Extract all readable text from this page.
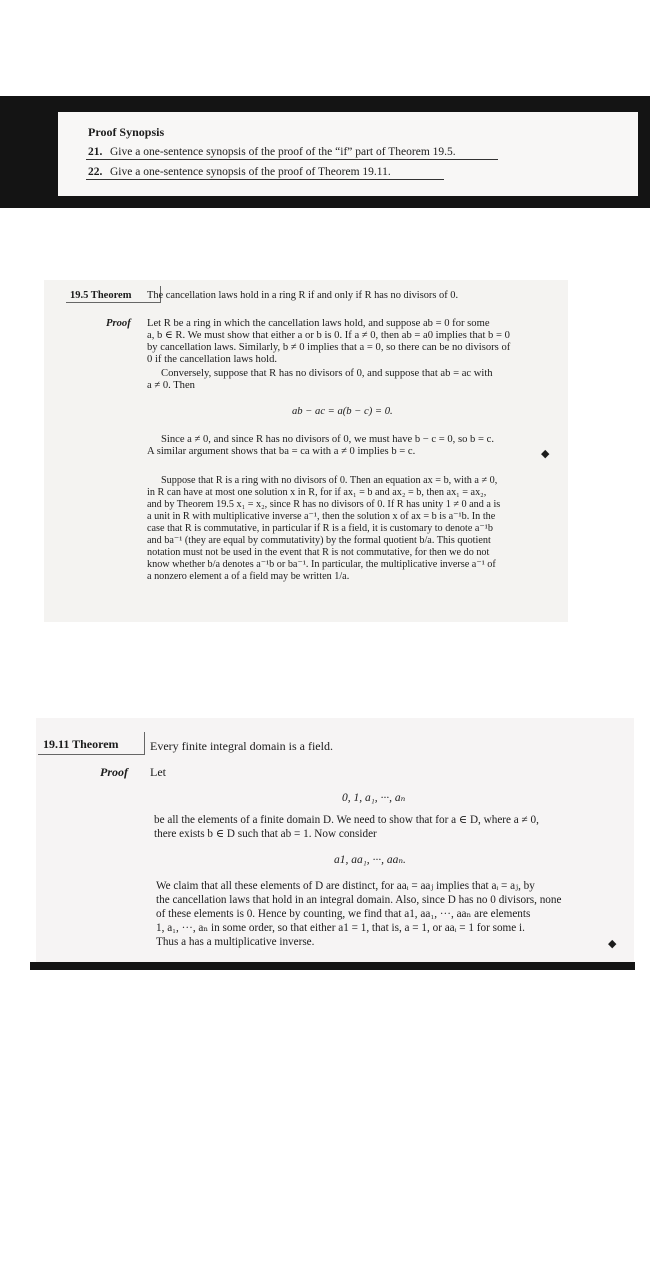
Proof Synopsis
21. Give a one-sentence synopsis of the proof of the “if” part of Theorem 19.5.
22. Give a one-sentence synopsis of the proof of Theorem 19.11.
19.5 Theorem The cancellation laws hold in a ring R if and only if R has no divisors of 0.
Proof Let R be a ring in which the cancellation laws hold, and suppose ab = 0 for some
a, b ∈ R. We must show that either a or b is 0. If a ≠ 0, then ab = a0 implies that b = 0
by cancellation laws. Similarly, b ≠ 0 implies that a = 0, so there can be no divisors of
0 if the cancellation laws hold.
Conversely, suppose that R has no divisors of 0, and suppose that ab = ac with
a ≠ 0. Then
ab − ac = a(b − c) = 0.
Since a ≠ 0, and since R has no divisors of 0, we must have b − c = 0, so b = c.
A similar argument shows that ba = ca with a ≠ 0 implies b = c.	◆
Suppose that R is a ring with no divisors of 0. Then an equation ax = b, with a ≠ 0,
in R can have at most one solution x in R, for if ax₁ = b and ax₂ = b, then ax₁ = ax₂,
and by Theorem 19.5 x₁ = x₂, since R has no divisors of 0. If R has unity 1 ≠ 0 and a is
a unit in R with multiplicative inverse a⁻¹, then the solution x of ax = b is a⁻¹b. In the
case that R is commutative, in particular if R is a field, it is customary to denote a⁻¹b
and ba⁻¹ (they are equal by commutativity) by the formal quotient b/a. This quotient
notation must not be used in the event that R is not commutative, for then we do not
know whether b/a denotes a⁻¹b or ba⁻¹. In particular, the multiplicative inverse a⁻¹ of
a nonzero element a of a field may be written 1/a.
19.11 Theorem	Every finite integral domain is a field.
Proof Let
0, 1, a₁, ···, aₙ
be all the elements of a finite domain D. We need to show that for a ∈ D, where a ≠ 0,
there exists b ∈ D such that ab = 1. Now consider
a1, aa₁, ···, aaₙ.
We claim that all these elements of D are distinct, for aaᵢ = aaⱼ implies that aᵢ = aⱼ, by
the cancellation laws that hold in an integral domain. Also, since D has no 0 divisors, none
of these elements is 0. Hence by counting, we find that a1, aa₁, ···, aaₙ are elements
1, a₁, ···, aₙ in some order, so that either a1 = 1, that is, a = 1, or aaᵢ = 1 for some i.
Thus a has a multiplicative inverse.	◆
